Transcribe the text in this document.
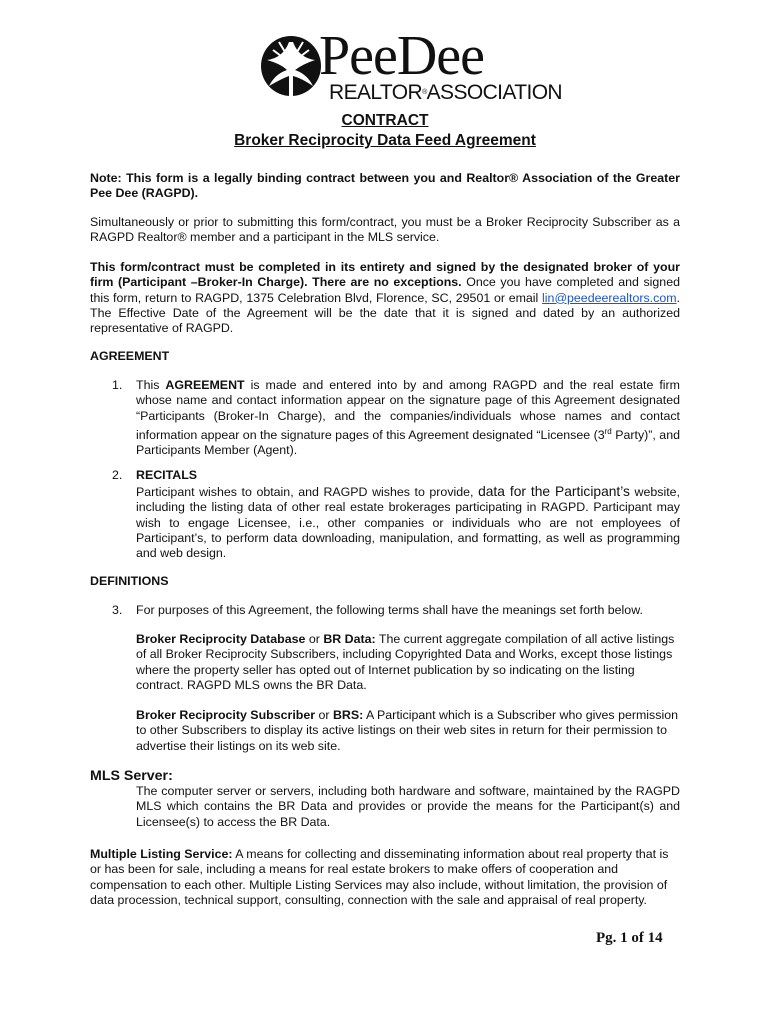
PeeDee
REALTOR®ASSOCIATION
CONTRACT
Broker Reciprocity Data Feed Agreement
Note: This form is a legally binding contract between you and Realtor® Association of the Greater Pee Dee (RAGPD).
Simultaneously or prior to submitting this form/contract, you must be a Broker Reciprocity Subscriber as a RAGPD Realtor® member and a participant in the MLS service.
This form/contract must be completed in its entirety and signed by the designated broker of your firm (Participant –Broker-In Charge). There are no exceptions. Once you have completed and signed this form, return to RAGPD, 1375 Celebration Blvd, Florence, SC, 29501 or email lin@peedeerealtors.com. The Effective Date of the Agreement will be the date that it is signed and dated by an authorized representative of RAGPD.
AGREEMENT
1. This AGREEMENT is made and entered into by and among RAGPD and the real estate firm whose name and contact information appear on the signature page of this Agreement designated “Participants (Broker-In Charge), and the companies/individuals whose names and contact information appear on the signature pages of this Agreement designated “Licensee (3rd Party)”, and Participants Member (Agent).
2. RECITALS
Participant wishes to obtain, and RAGPD wishes to provide, data for the Participant’s website, including the listing data of other real estate brokerages participating in RAGPD. Participant may wish to engage Licensee, i.e., other companies or individuals who are not employees of Participant’s, to perform data downloading, manipulation, and formatting, as well as programming and web design.
DEFINITIONS
3. For purposes of this Agreement, the following terms shall have the meanings set forth below.
Broker Reciprocity Database or BR Data: The current aggregate compilation of all active listings of all Broker Reciprocity Subscribers, including Copyrighted Data and Works, except those listings where the property seller has opted out of Internet publication by so indicating on the listing contract. RAGPD MLS owns the BR Data.
Broker Reciprocity Subscriber or BRS: A Participant which is a Subscriber who gives permission to other Subscribers to display its active listings on their web sites in return for their permission to advertise their listings on its web site.
MLS Server:
The computer server or servers, including both hardware and software, maintained by the RAGPD MLS which contains the BR Data and provides or provide the means for the Participant(s) and Licensee(s) to access the BR Data.
Multiple Listing Service: A means for collecting and disseminating information about real property that is or has been for sale, including a means for real estate brokers to make offers of cooperation and compensation to each other. Multiple Listing Services may also include, without limitation, the provision of data procession, technical support, consulting, connection with the sale and appraisal of real property.
Pg. 1 of 14
